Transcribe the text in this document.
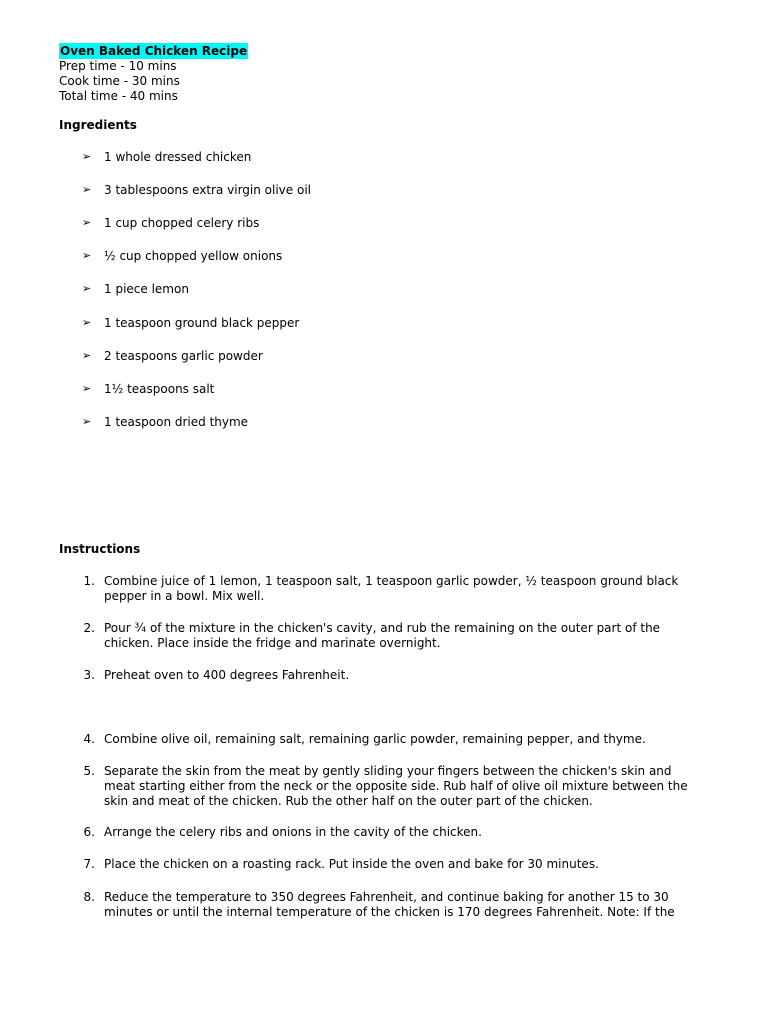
Oven Baked Chicken Recipe
Prep time - 10 mins
Cook time - 30 mins
Total time - 40 mins
Ingredients
➢ 1 whole dressed chicken
➢ 3 tablespoons extra virgin olive oil
➢ 1 cup chopped celery ribs
➢ ½ cup chopped yellow onions
➢ 1 piece lemon
➢ 1 teaspoon ground black pepper
➢ 2 teaspoons garlic powder
➢ 1½ teaspoons salt
➢ 1 teaspoon dried thyme
Instructions
1. Combine juice of 1 lemon, 1 teaspoon salt, 1 teaspoon garlic powder, ½ teaspoon ground black
pepper in a bowl. Mix well.
2. Pour ¾ of the mixture in the chicken's cavity, and rub the remaining on the outer part of the
chicken. Place inside the fridge and marinate overnight.
3. Preheat oven to 400 degrees Fahrenheit.
4. Combine olive oil, remaining salt, remaining garlic powder, remaining pepper, and thyme.
5. Separate the skin from the meat by gently sliding your fingers between the chicken's skin and
meat starting either from the neck or the opposite side. Rub half of olive oil mixture between the
skin and meat of the chicken. Rub the other half on the outer part of the chicken.
6. Arrange the celery ribs and onions in the cavity of the chicken.
7. Place the chicken on a roasting rack. Put inside the oven and bake for 30 minutes.
8. Reduce the temperature to 350 degrees Fahrenheit, and continue baking for another 15 to 30
minutes or until the internal temperature of the chicken is 170 degrees Fahrenheit. Note: If the
